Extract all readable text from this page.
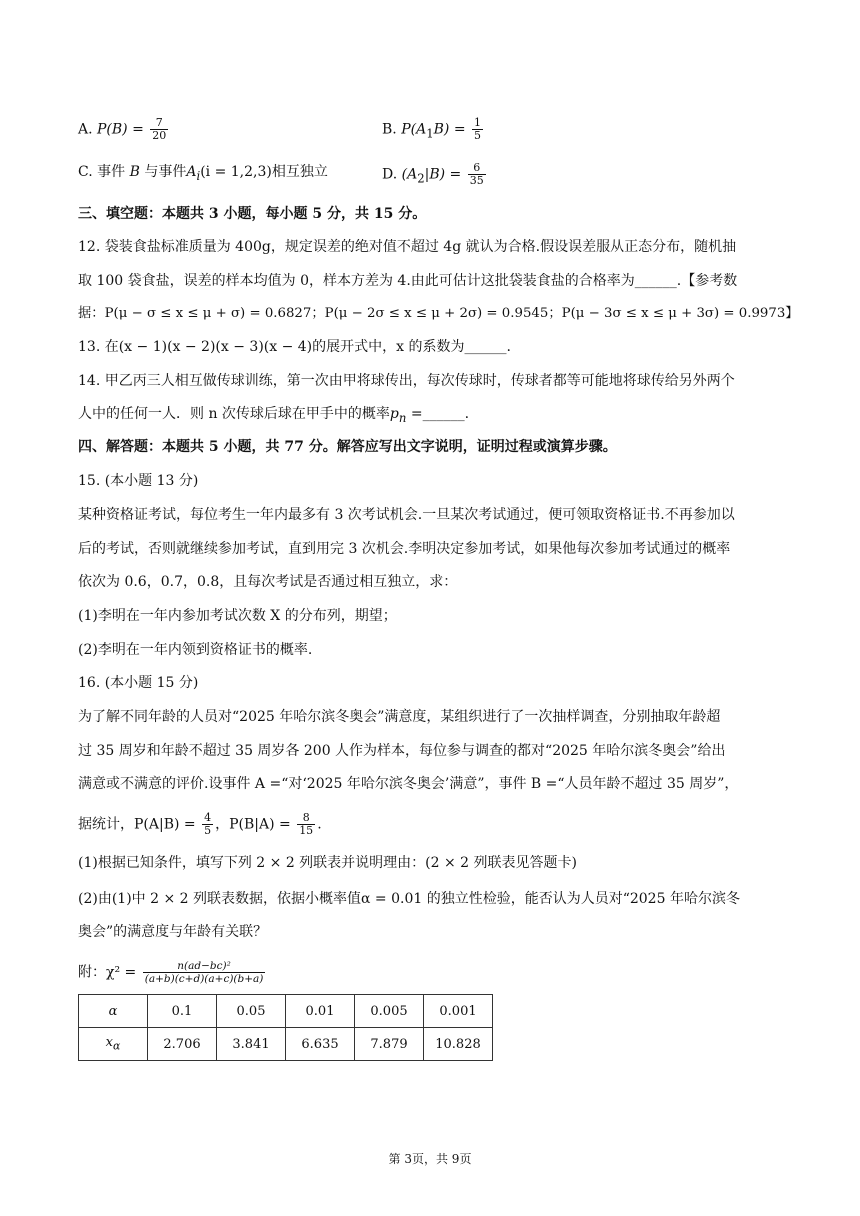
A. $P(B) = \frac{7}{20}$	B. $P(A_1B) = \frac{1}{5}$
C. 事件 B 与事件$A_i(i = 1,2,3)$相互独立	D. $(A_2|B) = \frac{6}{35}$
三、填空题：本题共 3 小题，每小题 5 分，共 15 分。
12. 袋装食盐标准质量为 400g，规定误差的绝对值不超过 4g 就认为合格.假设误差服从正态分布，随机抽
取 100 袋食盐，误差的样本均值为 0，样本方差为 4.由此可估计这批袋装食盐的合格率为______.【参考数
据：P(μ − σ ≤ x ≤ μ + σ) = 0.6827；P(μ − 2σ ≤ x ≤ μ + 2σ) = 0.9545；P(μ − 3σ ≤ x ≤ μ + 3σ) = 0.9973】
13. 在(x − 1)(x − 2)(x − 3)(x − 4)的展开式中，x 的系数为______.
14. 甲乙丙三人相互做传球训练，第一次由甲将球传出，每次传球时，传球者都等可能地将球传给另外两个
人中的任何一人．则 n 次传球后球在甲手中的概率$p_n$ =______.
四、解答题：本题共 5 小题，共 77 分。解答应写出文字说明，证明过程或演算步骤。
15. (本小题 13 分)
某种资格证考试，每位考生一年内最多有 3 次考试机会.一旦某次考试通过，便可领取资格证书.不再参加以
后的考试，否则就继续参加考试，直到用完 3 次机会.李明决定参加考试，如果他每次参加考试通过的概率
依次为 0.6，0.7，0.8，且每次考试是否通过相互独立，求：
(1)李明在一年内参加考试次数 X 的分布列，期望；
(2)李明在一年内领到资格证书的概率.
16. (本小题 15 分)
为了解不同年龄的人员对“2025 年哈尔滨冬奥会”满意度，某组织进行了一次抽样调查，分别抽取年龄超
过 35 周岁和年龄不超过 35 周岁各 200 人作为样本，每位参与调查的都对“2025 年哈尔滨冬奥会”给出
满意或不满意的评价.设事件 A =“对‘2025 年哈尔滨冬奥会’满意”，事件 B =“人员年龄不超过 35 周岁”，
据统计，$P(A|B) = \frac{4}{5}$ ，$P(B|A) = \frac{8}{15}$ .
(1)根据已知条件，填写下列 2 × 2 列联表并说明理由：(2 × 2 列联表见答题卡)
(2)由(1)中 2 × 2 列联表数据，依据小概率值α = 0.01 的独立性检验，能否认为人员对“2025 年哈尔滨冬
奥会”的满意度与年龄有关联？
附：$\chi^2 = \frac{\text{n(ad−bc)²}}{(a+b)(c+d)(a+c)(b+a)}$
α	0.1	0.05	0.01	0.005	0.001
$x_\alpha$	2.706	3.841	6.635	7.879	10.828
第 3页，共 9页
